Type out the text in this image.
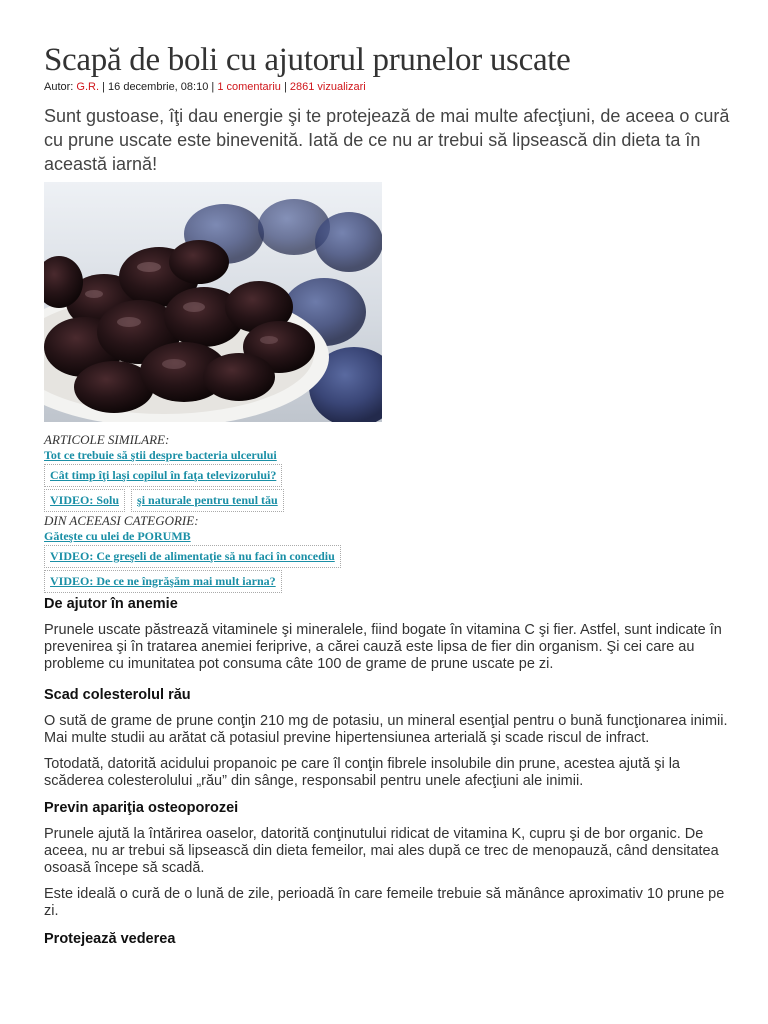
Scapă de boli cu ajutorul prunelor uscate
Autor: G.R. | 16 decembrie, 08:10 | 1 comentariu | 2861 vizualizari

Sunt gustoase, îţi dau energie şi te protejează de mai multe afecţiuni, de aceea o cură cu prune uscate este binevenită. Iată de ce nu ar trebui să lipsească din dieta ta în această iarnă!

ARTICOLE SIMILARE:
Tot ce trebuie să ştii despre bacteria ulcerului
Cât timp îţi laşi copilul în faţa televizorului?
VIDEO: Solu	şi naturale pentru tenul tău
DIN ACEEASI CATEGORIE:
Găteşte cu ulei de PORUMB
VIDEO: Ce greşeli de alimentaţie să nu faci în concediu
VIDEO: De ce ne îngrăşăm mai mult iarna?
De ajutor în anemie

Prunele uscate păstrează vitaminele şi mineralele, fiind bogate în vitamina C şi fier. Astfel, sunt indicate în prevenirea şi în tratarea anemiei feriprive, a cărei cauză este lipsa de fier din organism. Şi cei care au probleme cu imunitatea pot consuma câte 100 de grame de prune uscate pe zi.

Scad colesterolul rău

O sută de grame de prune conţin 210 mg de potasiu, un mineral esenţial pentru o bună funcţionarea inimii. Mai multe studii au arătat că potasiul previne hipertensiunea arterială şi scade riscul de infract.

Totodată, datorită acidului propanoic pe care îl conţin fibrele insolubile din prune, acestea ajută şi la scăderea colesterolului „rău” din sânge, responsabil pentru unele afecţiuni ale inimii.

Previn apariţia osteoporozei

Prunele ajută la întărirea oaselor, datorită conţinutului ridicat de vitamina K, cupru şi de bor organic. De aceea, nu ar trebui să lipsească din dieta femeilor, mai ales după ce trec de menopauză, când densitatea osoasă începe să scadă.

Este ideală o cură de o lună de zile, perioadă în care femeile trebuie să mănânce aproximativ 10 prune pe zi.

Protejează vederea
